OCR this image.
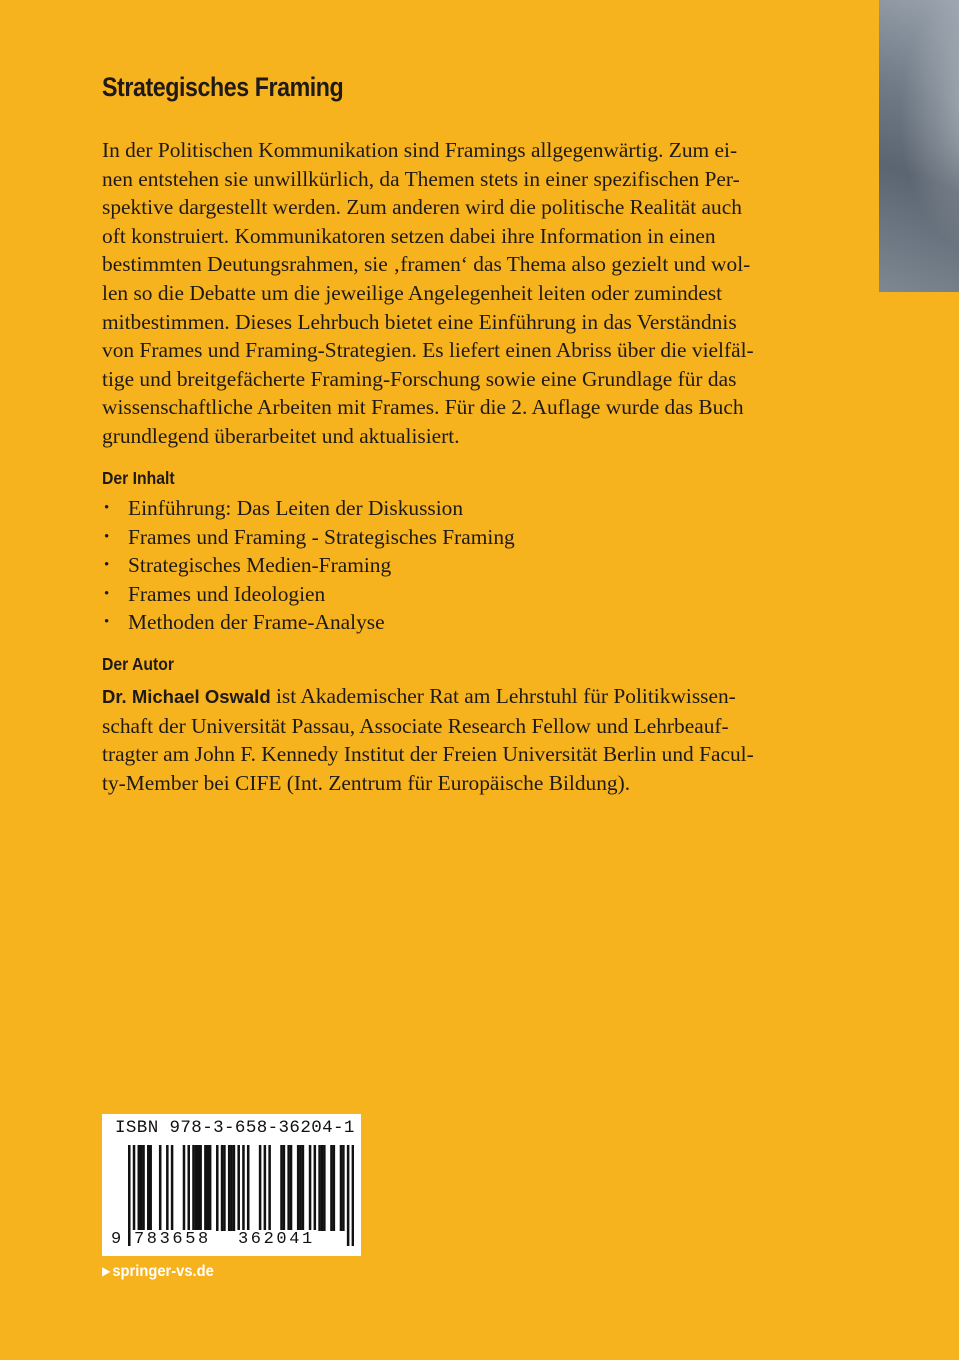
Strategisches Framing

In der Politischen Kommunikation sind Framings allgegenwärtig. Zum ei-
nen entstehen sie unwillkürlich, da Themen stets in einer spezifischen Per-
spektive dargestellt werden. Zum anderen wird die politische Realität auch
oft konstruiert. Kommunikatoren setzen dabei ihre Information in einen
bestimmten Deutungsrahmen, sie ‚framen‘ das Thema also gezielt und wol-
len so die Debatte um die jeweilige Angelegenheit leiten oder zumindest
mitbestimmen. Dieses Lehrbuch bietet eine Einführung in das Verständnis
von Frames und Framing-Strategien. Es liefert einen Abriss über die vielfäl-
tige und breitgefächerte Framing-Forschung sowie eine Grundlage für das
wissenschaftliche Arbeiten mit Frames. Für die 2. Auflage wurde das Buch
grundlegend überarbeitet und aktualisiert.

Der Inhalt
• Einführung: Das Leiten der Diskussion
• Frames und Framing - Strategisches Framing
• Strategisches Medien-Framing
• Frames und Ideologien
• Methoden der Frame-Analyse
Der Autor

Dr. Michael Oswald ist Akademischer Rat am Lehrstuhl für Politikwissen-
schaft der Universität Passau, Associate Research Fellow und Lehrbeauf-
tragter am John F. Kennedy Institut der Freien Universität Berlin und Facul-
ty-Member bei CIFE (Int. Zentrum für Europäische Bildung).

ISBN 978-3-658-36204-1
9 783658 362041
▶ springer-vs.de
